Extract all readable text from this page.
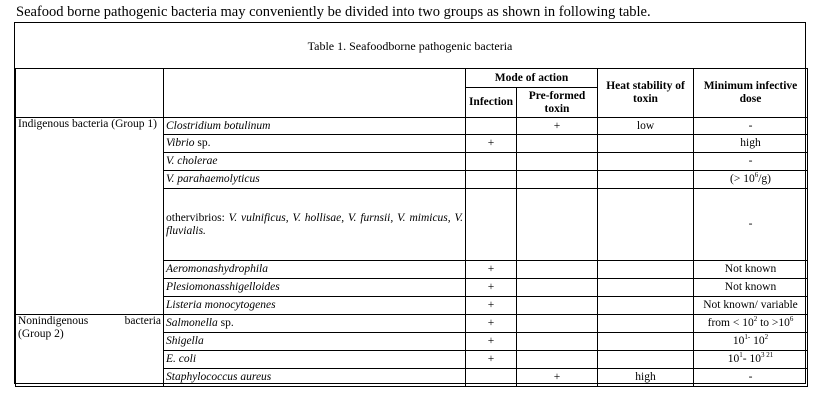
Seafood borne pathogenic bacteria may conveniently be divided into two groups as shown in following table.
Table 1. Seafoodborne pathogenic bacteria
		Mode of action		Heat stability of toxin	Minimum infective dose
		Infection	Pre-formed toxin		
Indigenous bacteria (Group 1)	Clostridium botulinum		+	low	-
	Vibrio sp.	+			high
	V. cholerae				-
	V. parahaemolyticus				(> $10^6/g$)
	othervibrios: V. vulnificus, V. hollisae, V. furnsii, V. mimicus, V. fluvialis.				-
	Aeromonashydrophila	+			Not known
	Plesiomonasshigelloides	+			Not known
	Listeria monocytogenes	+			Not known/ variable
Nonindigenous bacteria (Group 2)	Salmonella sp.	+			from < $10^2$ to $>10^6$
	Shigella	+			$10^{1-}$ $10^2$
	E. coli	+			$10^1-$ $10^{3 21}$
	Staphylococcus aureus		+	high	-
